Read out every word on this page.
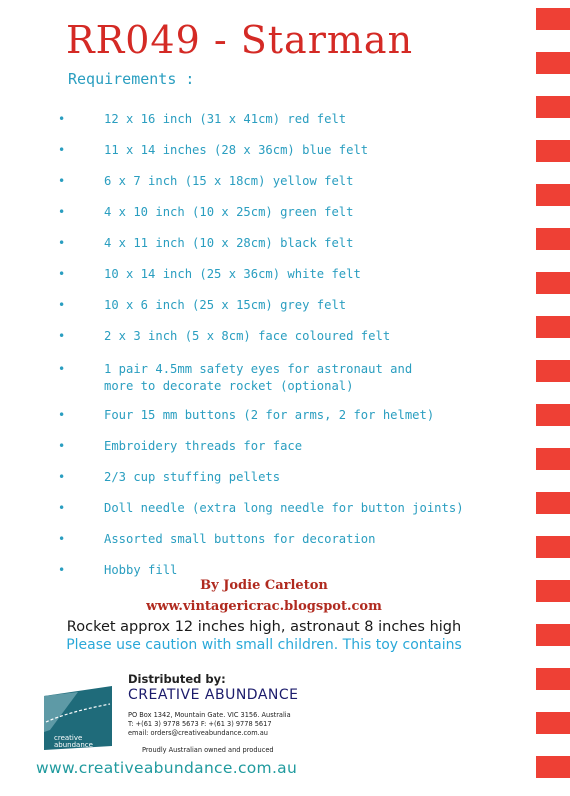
RR049 - Starman
Requirements :
•	12 x 16 inch (31 x 41cm) red felt
•	11 x 14 inches (28 x 36cm) blue felt
•	6 x 7 inch (15 x 18cm) yellow felt
•	4 x 10 inch (10 x 25cm) green felt
•	4 x 11 inch (10 x 28cm) black felt
•	10 x 14 inch (25 x 36cm) white felt
•	10 x 6 inch (25 x 15cm) grey felt
•	2 x 3 inch (5 x 8cm) face coloured felt
•	1 pair 4.5mm safety eyes for astronaut and
more to decorate rocket (optional)
•	Four 15 mm buttons (2 for arms, 2 for helmet)
•	Embroidery threads for face
•	2/3 cup stuffing pellets
•	Doll needle (extra long needle for button joints)
•	Assorted small buttons for decoration
•	Hobby fill
By Jodie Carleton
www.vintagericrac.blogspot.com
Rocket approx 12 inches high, astronaut 8 inches high
Please use caution with small children. This toy contains
creative
abundance
Distributed by:
CREATIVE ABUNDANCE
PO Box 1342, Mountain Gate. VIC 3156. Australia
T: +(61 3) 9778 5673 F: +(61 3) 9778 5617
email: orders@creativeabundance.com.au
Proudly Australian owned and produced
www.creativeabundance.com.au
